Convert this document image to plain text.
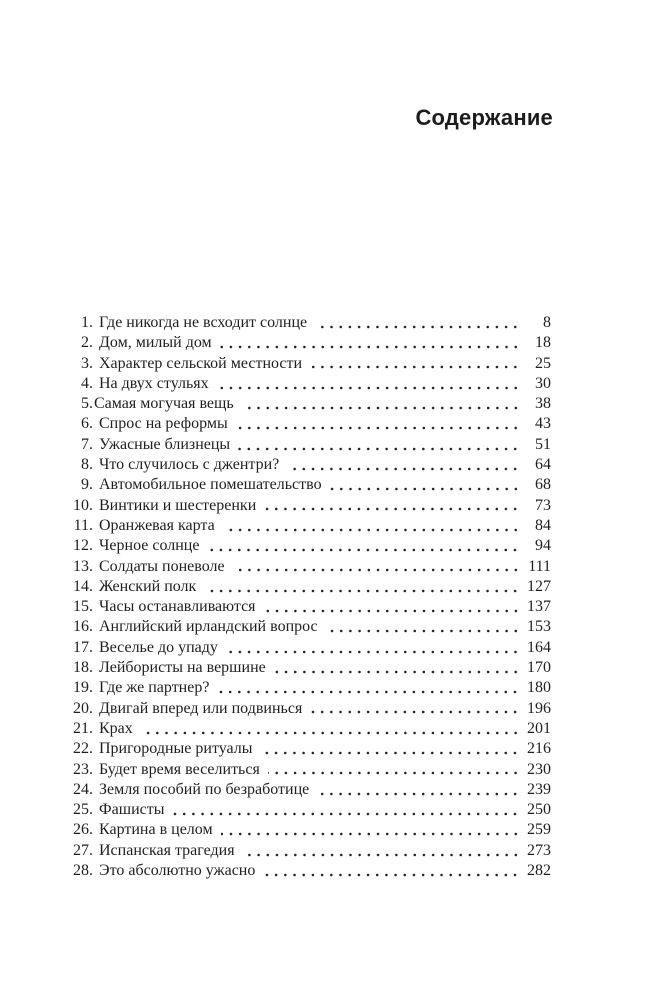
Содержание
1. Где никогда не всходит солнце	8
2. Дом, милый дом	18
3. Характер сельской местности	25
4. На двух стульях	30
5. Самая могучая вещь	38
6. Спрос на реформы	43
7. Ужасные близнецы	51
8. Что случилось с джентри?	64
9. Автомобильное помешательство	68
10. Винтики и шестеренки	73
11. Оранжевая карта	84
12. Черное солнце	94
13. Солдаты поневоле	111
14. Женский полк	127
15. Часы останавливаются	137
16. Английский ирландский вопрос	153
17. Веселье до упаду	164
18. Лейбористы на вершине	170
19. Где же партнер?	180
20. Двигай вперед или подвинься	196
21. Крах	201
22. Пригородные ритуалы	216
23. Будет время веселиться	230
24. Земля пособий по безработице	239
25. Фашисты	250
26. Картина в целом	259
27. Испанская трагедия	273
28. Это абсолютно ужасно	282
